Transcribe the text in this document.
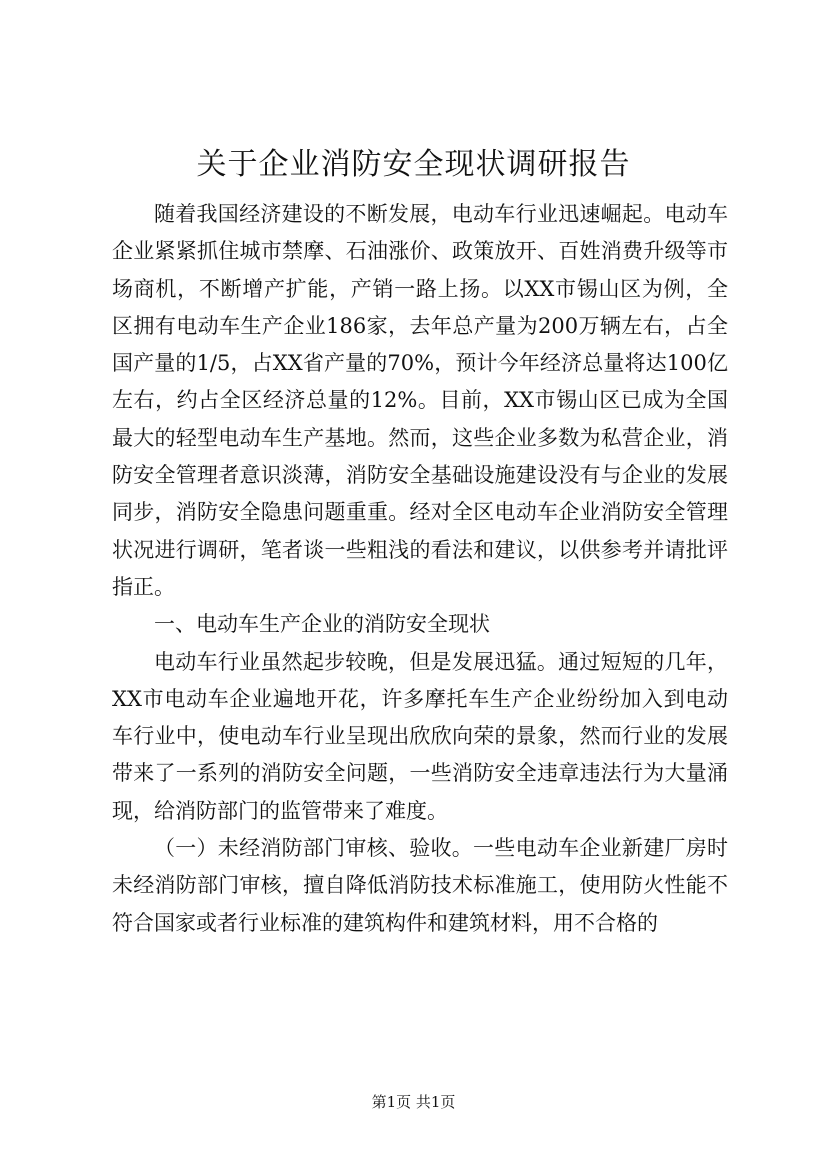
关于企业消防安全现状调研报告

随着我国经济建设的不断发展，电动车行业迅速崛起。电动车企业紧紧抓住城市禁摩、石油涨价、政策放开、百姓消费升级等市场商机，不断增产扩能，产销一路上扬。以XX市锡山区为例，全区拥有电动车生产企业186家，去年总产量为200万辆左右，占全国产量的1/5，占XX省产量的70%，预计今年经济总量将达100亿左右，约占全区经济总量的12%。目前，XX市锡山区已成为全国最大的轻型电动车生产基地。然而，这些企业多数为私营企业，消防安全管理者意识淡薄，消防安全基础设施建设没有与企业的发展同步，消防安全隐患问题重重。经对全区电动车企业消防安全管理状况进行调研，笔者谈一些粗浅的看法和建议，以供参考并请批评指正。

一、电动车生产企业的消防安全现状

电动车行业虽然起步较晚，但是发展迅猛。通过短短的几年，XX市电动车企业遍地开花，许多摩托车生产企业纷纷加入到电动车行业中，使电动车行业呈现出欣欣向荣的景象，然而行业的发展带来了一系列的消防安全问题，一些消防安全违章违法行为大量涌现，给消防部门的监管带来了难度。

（一）未经消防部门审核、验收。一些电动车企业新建厂房时未经消防部门审核，擅自降低消防技术标准施工，使用防火性能不符合国家或者行业标准的建筑构件和建筑材料，用不合格的

第1页 共1页
